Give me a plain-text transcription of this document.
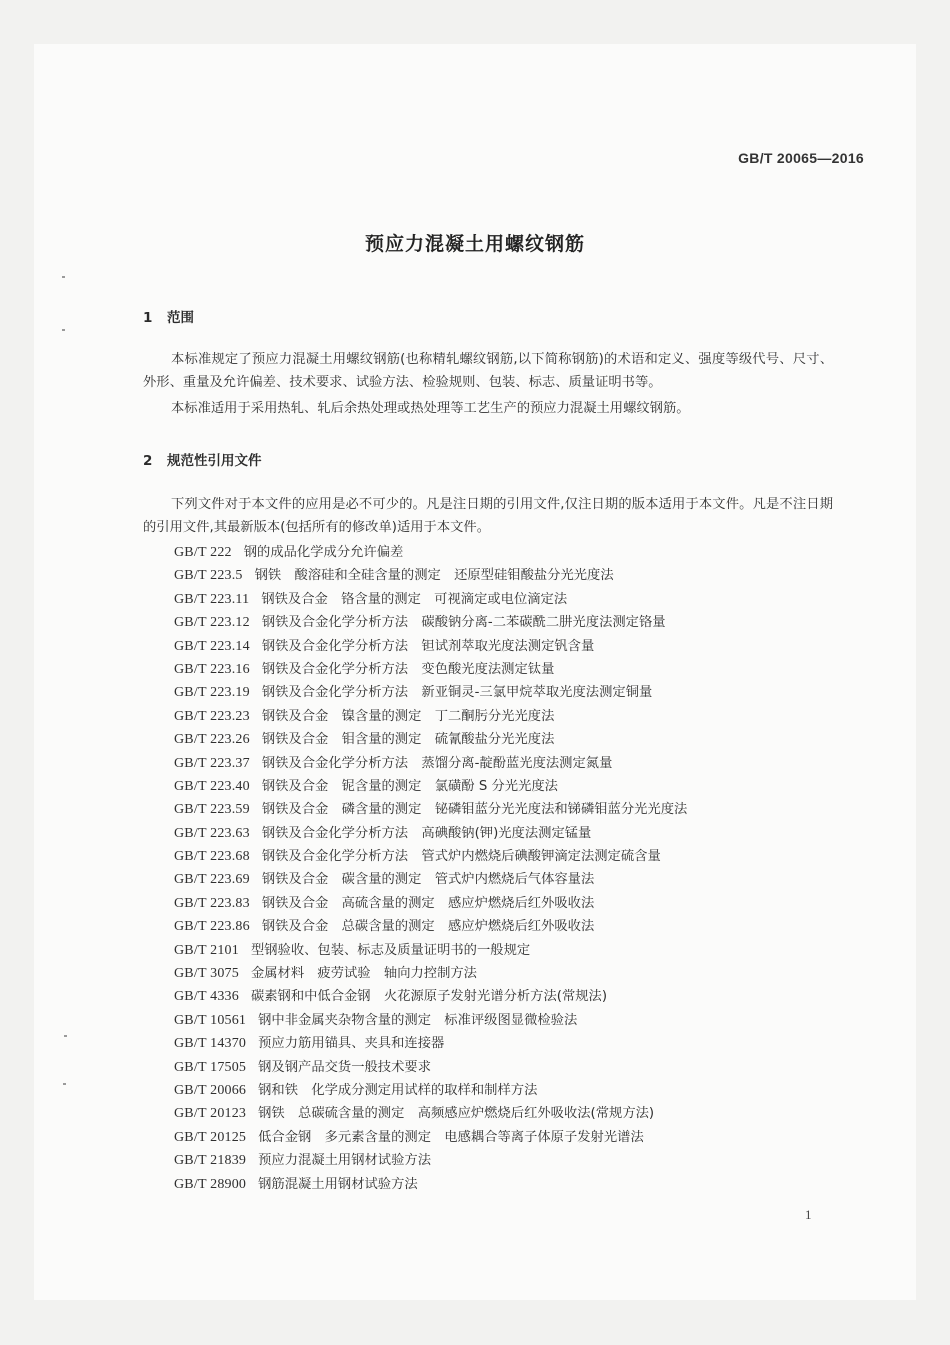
GB/T 20065—2016
预应力混凝土用螺纹钢筋
1 范围
本标准规定了预应力混凝土用螺纹钢筋(也称精轧螺纹钢筋,以下简称钢筋)的术语和定义、强度等级代号、尺寸、外形、重量及允许偏差、技术要求、试验方法、检验规则、包装、标志、质量证明书等。
本标准适用于采用热轧、轧后余热处理或热处理等工艺生产的预应力混凝土用螺纹钢筋。
2 规范性引用文件
下列文件对于本文件的应用是必不可少的。凡是注日期的引用文件,仅注日期的版本适用于本文件。凡是不注日期的引用文件,其最新版本(包括所有的修改单)适用于本文件。
GB/T 222 钢的成品化学成分允许偏差
GB/T 223.5 钢铁　酸溶硅和全硅含量的测定　还原型硅钼酸盐分光光度法
GB/T 223.11 钢铁及合金　铬含量的测定　可视滴定或电位滴定法
GB/T 223.12 钢铁及合金化学分析方法　碳酸钠分离-二苯碳酰二肼光度法测定铬量
GB/T 223.14 钢铁及合金化学分析方法　钽试剂萃取光度法测定钒含量
GB/T 223.16 钢铁及合金化学分析方法　变色酸光度法测定钛量
GB/T 223.19 钢铁及合金化学分析方法　新亚铜灵-三氯甲烷萃取光度法测定铜量
GB/T 223.23 钢铁及合金　镍含量的测定　丁二酮肟分光光度法
GB/T 223.26 钢铁及合金　钼含量的测定　硫氰酸盐分光光度法
GB/T 223.37 钢铁及合金化学分析方法　蒸馏分离-靛酚蓝光度法测定氮量
GB/T 223.40 钢铁及合金　铌含量的测定　氯磺酚 S 分光光度法
GB/T 223.59 钢铁及合金　磷含量的测定　铋磷钼蓝分光光度法和锑磷钼蓝分光光度法
GB/T 223.63 钢铁及合金化学分析方法　高碘酸钠(钾)光度法测定锰量
GB/T 223.68 钢铁及合金化学分析方法　管式炉内燃烧后碘酸钾滴定法测定硫含量
GB/T 223.69 钢铁及合金　碳含量的测定　管式炉内燃烧后气体容量法
GB/T 223.83 钢铁及合金　高硫含量的测定　感应炉燃烧后红外吸收法
GB/T 223.86 钢铁及合金　总碳含量的测定　感应炉燃烧后红外吸收法
GB/T 2101 型钢验收、包装、标志及质量证明书的一般规定
GB/T 3075 金属材料　疲劳试验　轴向力控制方法
GB/T 4336 碳素钢和中低合金钢　火花源原子发射光谱分析方法(常规法)
GB/T 10561 钢中非金属夹杂物含量的测定　标准评级图显微检验法
GB/T 14370 预应力筋用锚具、夹具和连接器
GB/T 17505 钢及钢产品交货一般技术要求
GB/T 20066 钢和铁　化学成分测定用试样的取样和制样方法
GB/T 20123 钢铁　总碳硫含量的测定　高频感应炉燃烧后红外吸收法(常规方法)
GB/T 20125 低合金钢　多元素含量的测定　电感耦合等离子体原子发射光谱法
GB/T 21839 预应力混凝土用钢材试验方法
GB/T 28900 钢筋混凝土用钢材试验方法
1
